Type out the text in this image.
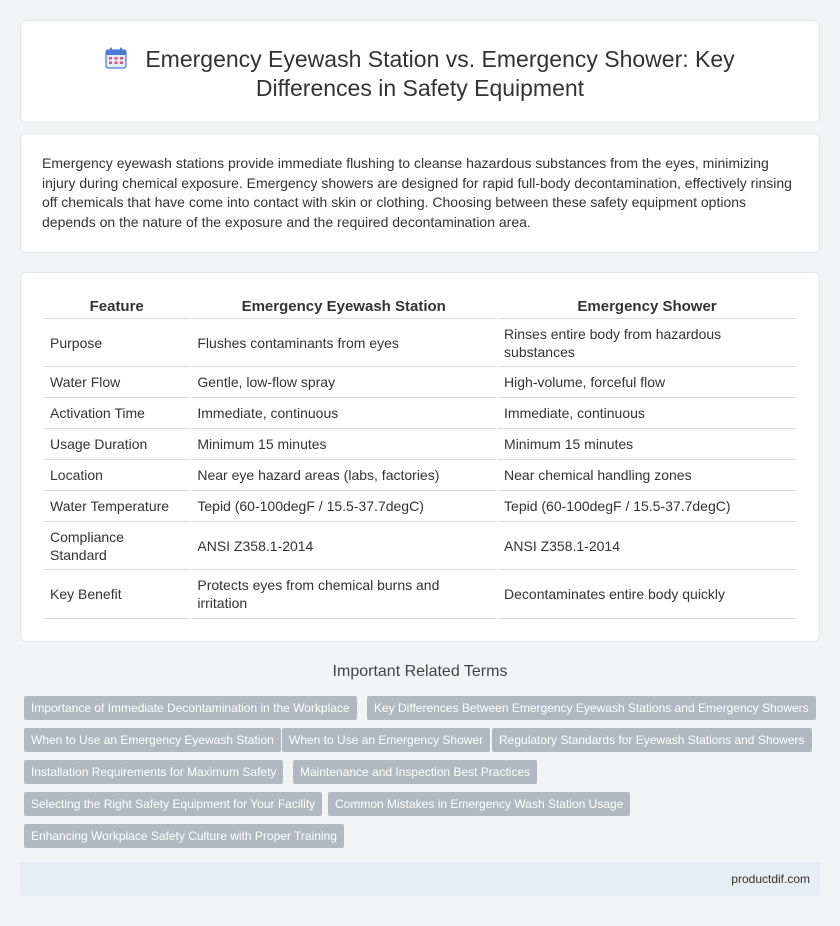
Emergency Eyewash Station vs. Emergency Shower: Key
Differences in Safety Equipment

Emergency eyewash stations provide immediate flushing to cleanse hazardous substances from the eyes, minimizing injury during chemical exposure. Emergency showers are designed for rapid full-body decontamination, effectively rinsing off chemicals that have come into contact with skin or clothing. Choosing between these safety equipment options depends on the nature of the exposure and the required decontamination area.

Feature	Emergency Eyewash Station	Emergency Shower
Purpose	Flushes contaminants from eyes	Rinses entire body from hazardous substances
Water Flow	Gentle, low-flow spray	High-volume, forceful flow
Activation Time	Immediate, continuous	Immediate, continuous
Usage Duration	Minimum 15 minutes	Minimum 15 minutes
Location	Near eye hazard areas (labs, factories)	Near chemical handling zones
Water Temperature	Tepid (60-100degF / 15.5-37.7degC)	Tepid (60-100degF / 15.5-37.7degC)
Compliance Standard	ANSI Z358.1-2014	ANSI Z358.1-2014
Key Benefit	Protects eyes from chemical burns and irritation	Decontaminates entire body quickly
Important Related Terms
Importance of Immediate Decontamination in the Workplace	Key Differences Between Emergency Eyewash Stations and Emergency Showers
When to Use an Emergency Eyewash Station	When to Use an Emergency Shower	Regulatory Standards for Eyewash Stations and Showers
Installation Requirements for Maximum Safety	Maintenance and Inspection Best Practices
Selecting the Right Safety Equipment for Your Facility	Common Mistakes in Emergency Wash Station Usage
Enhancing Workplace Safety Culture with Proper Training
productdif.com
